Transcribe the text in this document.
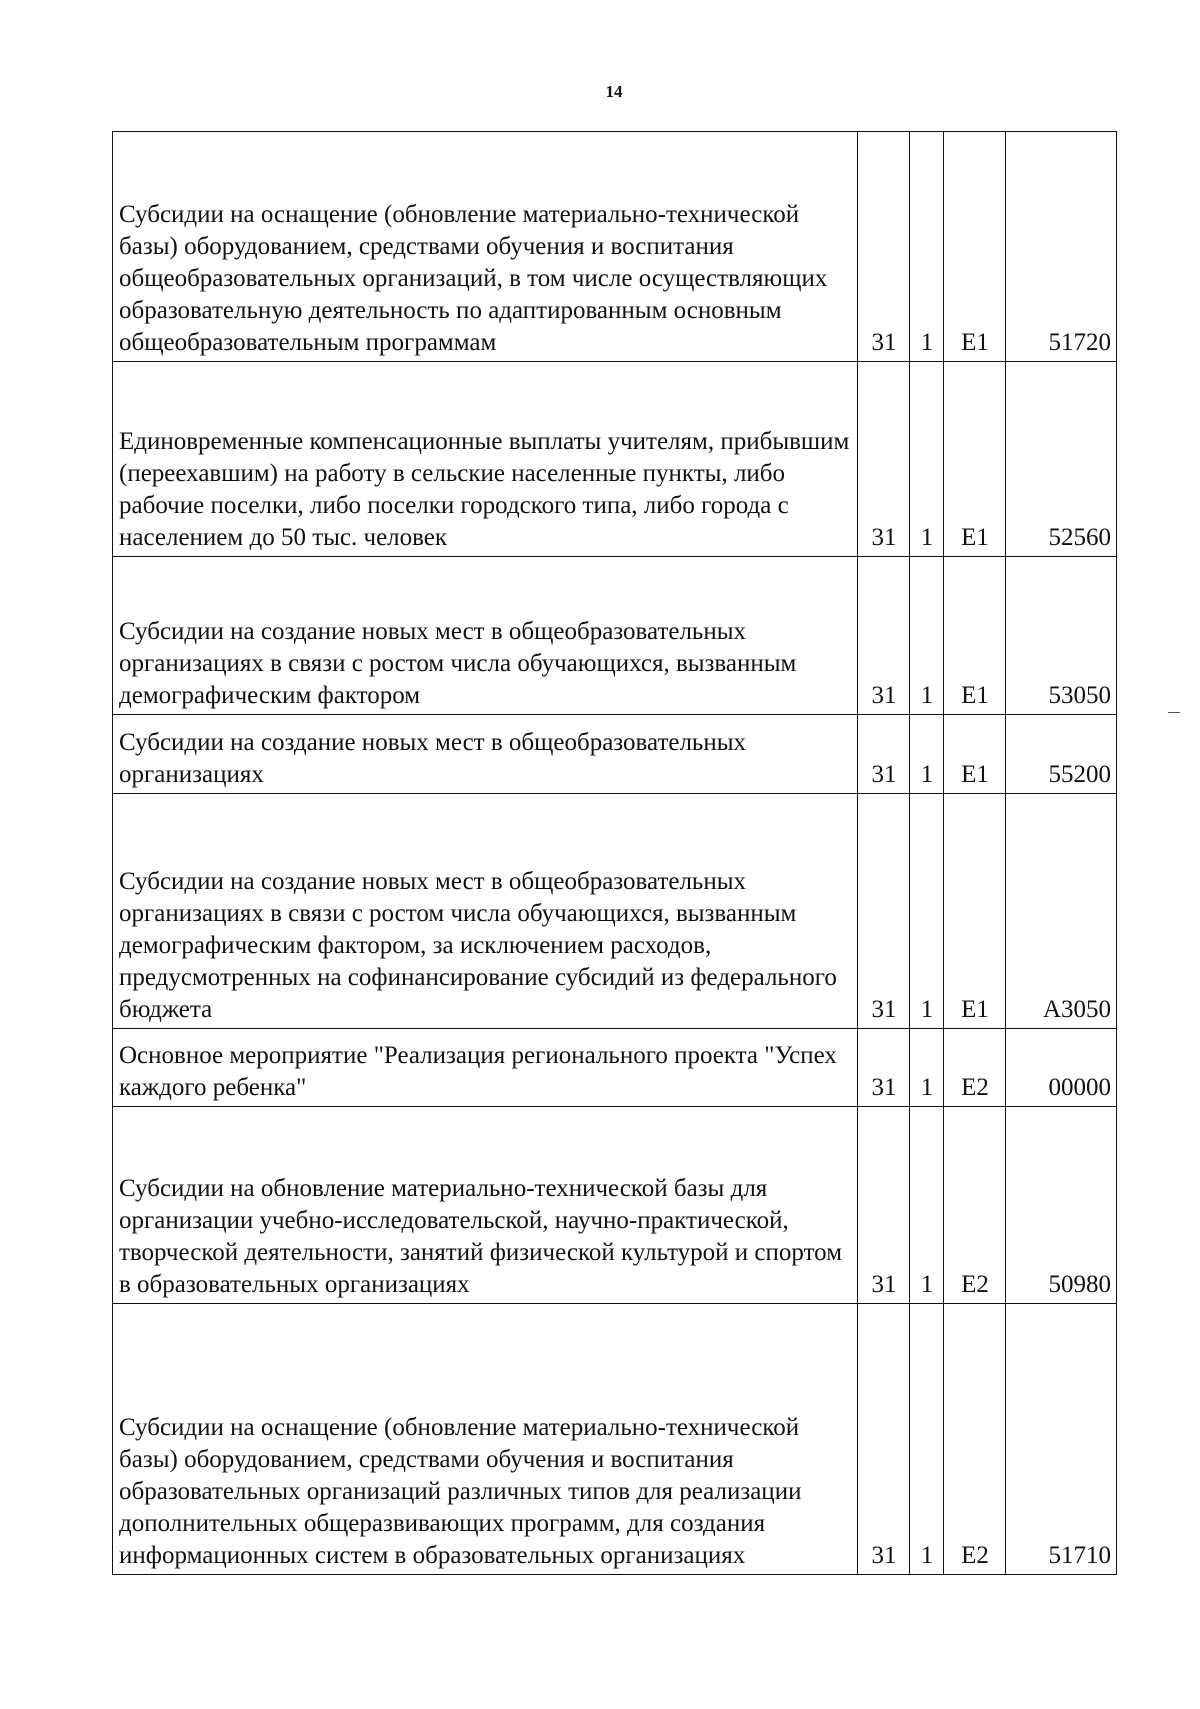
14
Субсидии на оснащение (обновление материально-технической базы) оборудованием, средствами обучения и воспитания общеобразовательных организаций, в том числе осуществляющих образовательную деятельность по адаптированным основным общеобразовательным программам	31	1	E1	51720
Единовременные компенсационные выплаты учителям, прибывшим (переехавшим) на работу в сельские населенные пункты, либо рабочие поселки, либо поселки городского типа, либо города с населением до 50 тыс. человек	31	1	E1	52560
Субсидии на создание новых мест в общеобразовательных организациях в связи с ростом числа обучающихся, вызванным демографическим фактором	31	1	E1	53050
Субсидии на создание новых мест в общеобразовательных организациях	31	1	E1	55200
Субсидии на создание новых мест в общеобразовательных организациях в связи с ростом числа обучающихся, вызванным демографическим фактором, за исключением расходов, предусмотренных на софинансирование субсидий из федерального бюджета	31	1	E1	A3050
Основное мероприятие "Реализация регионального проекта "Успех каждого ребенка"	31	1	E2	00000
Субсидии на обновление материально-технической базы для организации учебно-исследовательской, научно-практической, творческой деятельности, занятий физической культурой и спортом в образовательных организациях	31	1	E2	50980
Субсидии на оснащение (обновление материально-технической базы) оборудованием, средствами обучения и воспитания образовательных организаций различных типов для реализации дополнительных общеразвивающих программ, для создания информационных систем в образовательных организациях	31	1	E2	51710
